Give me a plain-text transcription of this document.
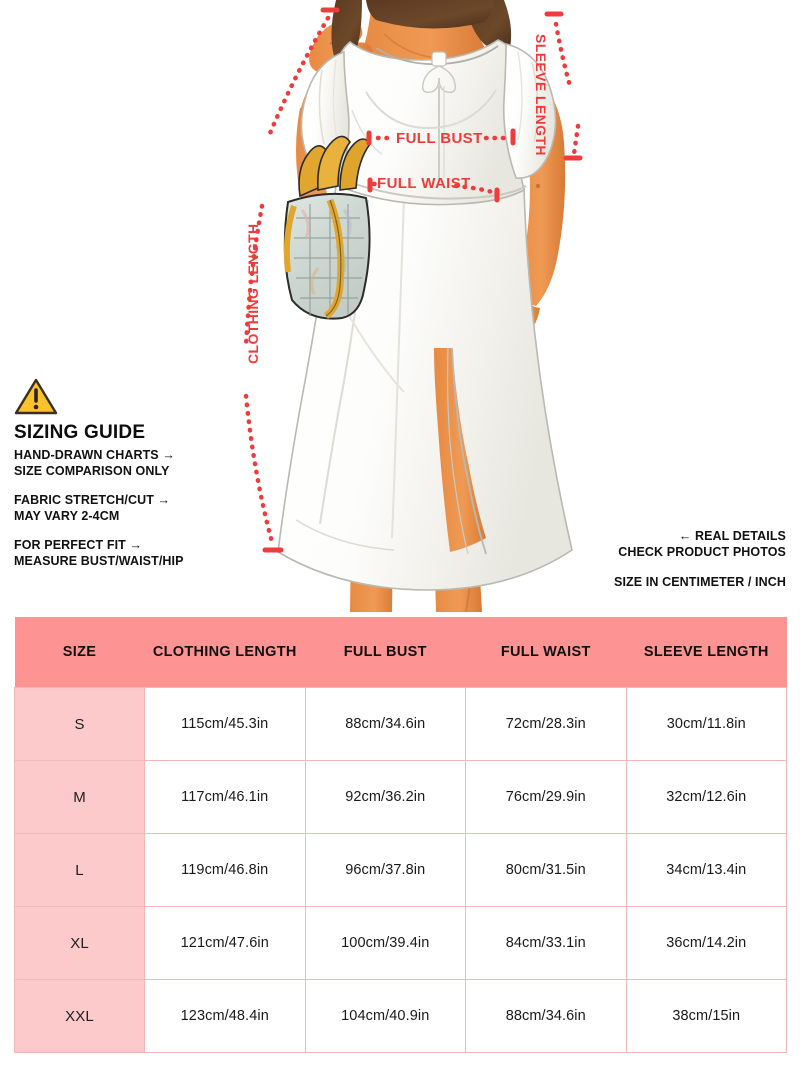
FULL BUST
FULL WAIST
SLEEVE LENGTH
CLOTHING LENGTH
SIZING GUIDE

HAND-DRAWN CHARTS →

SIZE COMPARISON ONLY

FABRIC STRETCH/CUT →

MAY VARY 2-4CM

FOR PERFECT FIT →

MEASURE BUST/WAIST/HIP

← REAL DETAILS

CHECK PRODUCT PHOTOS

SIZE IN CENTIMETER / INCH

SIZE	CLOTHING LENGTH	FULL BUST	FULL WAIST	SLEEVE LENGTH
S	115cm/45.3in	88cm/34.6in	72cm/28.3in	30cm/11.8in
M	117cm/46.1in	92cm/36.2in	76cm/29.9in	32cm/12.6in
L	119cm/46.8in	96cm/37.8in	80cm/31.5in	34cm/13.4in
XL	121cm/47.6in	100cm/39.4in	84cm/33.1in	36cm/14.2in
XXL	123cm/48.4in	104cm/40.9in	88cm/34.6in	38cm/15in
